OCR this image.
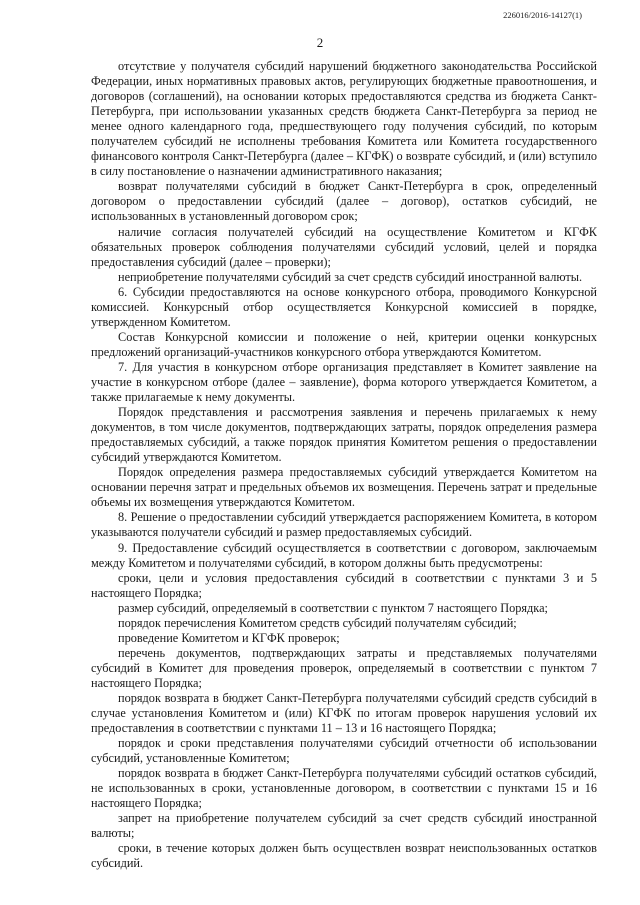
226016/2016-14127(1)
2

отсутствие у получателя субсидий нарушений бюджетного законодательства Российской Федерации, иных нормативных правовых актов, регулирующих бюджетные правоотношения, и договоров (соглашений), на основании которых предоставляются средства из бюджета Санкт-Петербурга, при использовании указанных средств бюджета Санкт-Петербурга за период не менее одного календарного года, предшествующего году получения субсидий, по которым получателем субсидий не исполнены требования Комитета или Комитета государственного финансового контроля Санкт-Петербурга (далее – КГФК) о возврате субсидий, и (или) вступило в силу постановление о назначении административного наказания;

возврат получателями субсидий в бюджет Санкт-Петербурга в срок, определенный договором о предоставлении субсидий (далее – договор), остатков субсидий, не использованных в установленный договором срок;

наличие согласия получателей субсидий на осуществление Комитетом и КГФК обязательных проверок соблюдения получателями субсидий условий, целей и порядка предоставления субсидий (далее – проверки);

неприобретение получателями субсидий за счет средств субсидий иностранной валюты.

6. Субсидии предоставляются на основе конкурсного отбора, проводимого Конкурсной комиссией. Конкурсный отбор осуществляется Конкурсной комиссией в порядке, утвержденном Комитетом.

Состав Конкурсной комиссии и положение о ней, критерии оценки конкурсных предложений организаций-участников конкурсного отбора утверждаются Комитетом.

7. Для участия в конкурсном отборе организация представляет в Комитет заявление на участие в конкурсном отборе (далее – заявление), форма которого утверждается Комитетом, а также прилагаемые к нему документы.

Порядок представления и рассмотрения заявления и перечень прилагаемых к нему документов, в том числе документов, подтверждающих затраты, порядок определения размера предоставляемых субсидий, а также порядок принятия Комитетом решения о предоставлении субсидий утверждаются Комитетом.

Порядок определения размера предоставляемых субсидий утверждается Комитетом на основании перечня затрат и предельных объемов их возмещения. Перечень затрат и предельные объемы их возмещения утверждаются Комитетом.

8. Решение о предоставлении субсидий утверждается распоряжением Комитета, в котором указываются получатели субсидий и размер предоставляемых субсидий.

9. Предоставление субсидий осуществляется в соответствии с договором, заключаемым между Комитетом и получателями субсидий, в котором должны быть предусмотрены:

сроки, цели и условия предоставления субсидий в соответствии с пунктами 3 и 5 настоящего Порядка;

размер субсидий, определяемый в соответствии с пунктом 7 настоящего Порядка;

порядок перечисления Комитетом средств субсидий получателям субсидий;

проведение Комитетом и КГФК проверок;

перечень документов, подтверждающих затраты и представляемых получателями субсидий в Комитет для проведения проверок, определяемый в соответствии с пунктом 7 настоящего Порядка;

порядок возврата в бюджет Санкт-Петербурга получателями субсидий средств субсидий в случае установления Комитетом и (или) КГФК по итогам проверок нарушения условий их предоставления в соответствии с пунктами 11 – 13 и 16 настоящего Порядка;

порядок и сроки представления получателями субсидий отчетности об использовании субсидий, установленные Комитетом;

порядок возврата в бюджет Санкт-Петербурга получателями субсидий остатков субсидий, не использованных в сроки, установленные договором, в соответствии с пунктами 15 и 16 настоящего Порядка;

запрет на приобретение получателем субсидий за счет средств субсидий иностранной валюты;

сроки, в течение которых должен быть осуществлен возврат неиспользованных остатков субсидий.
